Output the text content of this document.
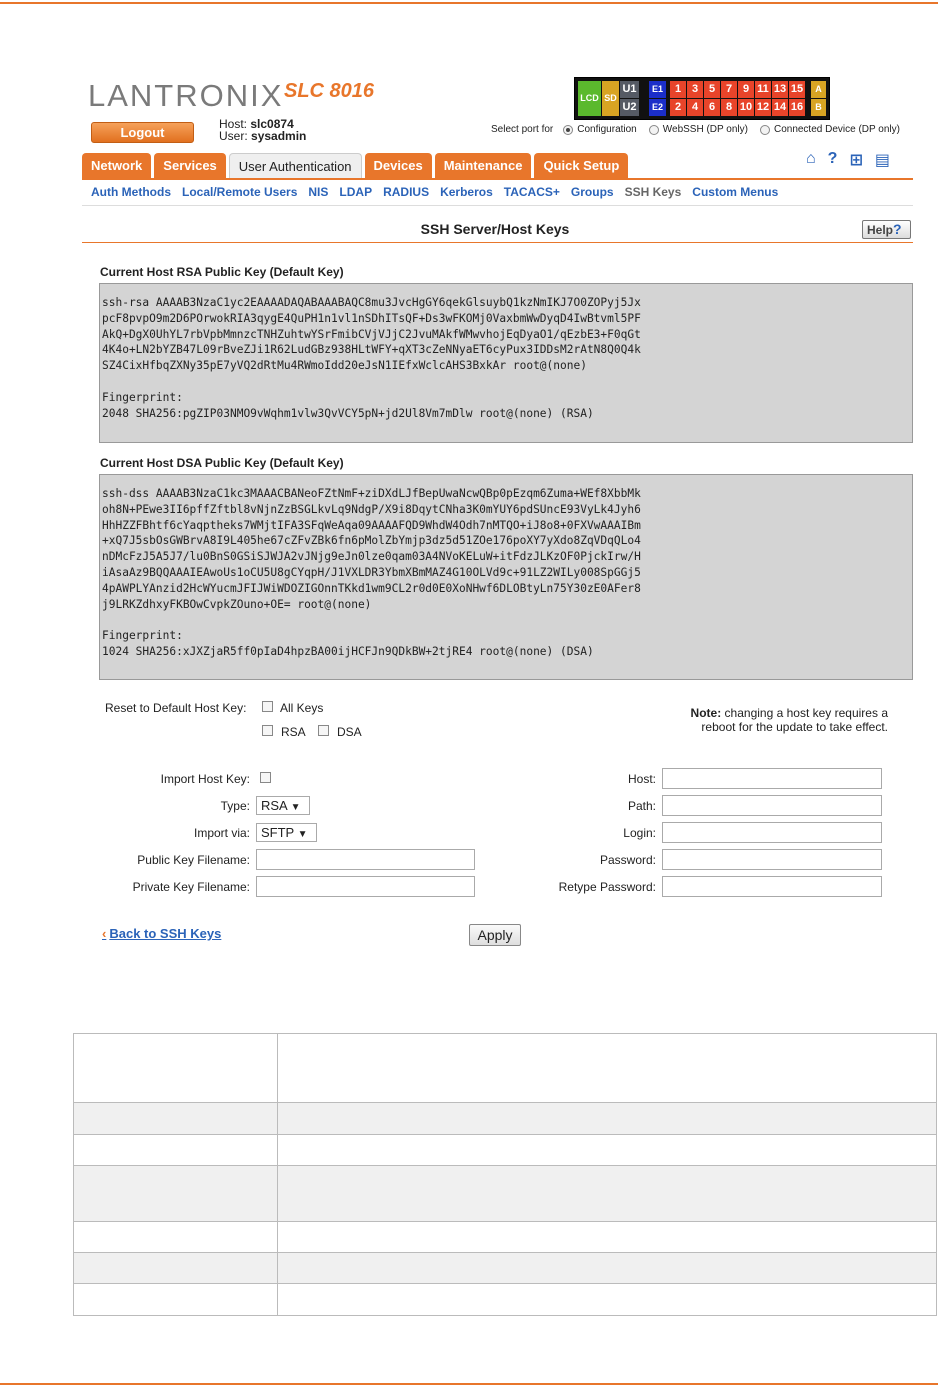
LANTRONIX SLC 8016
Logout
Host: slc0874
User: sysadmin
LCD SD
U1
U2
E1
E2
1 3 5 7 9 11 13 15
2 4 6 8 10 12 14 16
A
B
Select port for Configuration	WebSSH (DP only)	Connected Device (DP only)
Network	Services	User Authentication	Devices	Maintenance	Quick Setup	⌂ ? ⊞ ▤
Auth Methods Local/Remote Users NIS LDAP RADIUS Kerberos TACACS+ Groups SSH Keys Custom Menus
SSH Server/Host Keys	Help?
Current Host RSA Public Key (Default Key)
ssh-rsa AAAAB3NzaC1yc2EAAAADAQABAAABAQC8mu3JvcHgGY6qekGlsuybQ1kzNmIKJ7O0ZOPyj5Jx
pcF8pvpO9m2D6POrwokRIA3qygE4QuPH1n1vl1nSDhITsQF+Ds3wFKOMj0VaxbmWwDyqD4IwBtvml5PF
AkQ+DgX0UhYL7rbVpbMmnzcTNHZuhtwYSrFmibCVjVJjC2JvuMAkfWMwvhojEqDyaO1/qEzbE3+F0qGt
4K4o+LN2bYZB47L09rBveZJi1R62LudGBz938HLtWFY+qXT3cZeNNyaET6cyPux3IDDsM2rAtN8Q0Q4k
SZ4CixHfbqZXNy35pE7yVQ2dRtMu4RWmoIdd20eJsN1IEfxWclcAHS3BxkAr root@(none)

Fingerprint:
2048 SHA256:pgZIP03NMO9vWqhm1vlw3QvVCY5pN+jd2Ul8Vm7mDlw root@(none) (RSA)
Current Host DSA Public Key (Default Key)
ssh-dss AAAAB3NzaC1kc3MAAACBANeoFZtNmF+ziDXdLJfBepUwaNcwQBp0pEzqm6Zuma+WEf8XbbMk
oh8N+PEwe3II6pffZftbl8vNjnZzBSGLkvLq9NdgP/X9i8DqytCNha3K0mYUY6pdSUncE93VyLk4Jyh6
HhHZZFBhtf6cYaqptheks7WMjtIFA3SFqWeAqa09AAAAFQD9WhdW4Odh7nMTQO+iJ8o8+0FXVwAAAIBm
+xQ7J5sbOsGWBrvA8I9L405he67cZFvZBk6fn6pMolZbYmjp3dz5d51ZOe176poXY7yXdo8ZqVDqQLo4
nDMcFzJ5A5J7/lu0BnS0GSiSJWJA2vJNjg9eJn0lze0qam03A4NVoKELuW+itFdzJLKzOF0PjckIrw/H
iAsaAz9BQQAAAIEAwoUs1oCU5U8gCYqpH/J1VXLDR3YbmXBmMAZ4G10OLVd9c+91LZ2WILy008SpGGj5
4pAWPLYAnzid2HcWYucmJFIJWiWDOZIGOnnTKkd1wm9CL2r0d0E0XoNHwf6DLOBtyLn75Y30zE0AFer8
j9LRKZdhxyFKBOwCvpkZOuno+OE= root@(none)

Fingerprint:
1024 SHA256:xJXZjaR5ff0pIaD4hpzBA00ijHCFJn9QDkBW+2tjRE4 root@(none) (DSA)
Reset to Default Host Key:	All Keys
RSA	DSA
Note: changing a host key requires a
reboot for the update to take effect.
Import Host Key:
Type: RSA ▼
Import via: SFTP ▼
Public Key Filename:
Private Key Filename:
Host:
Path:
Login:
Password:
Retype Password:
‹ Back to SSH Keys	Apply
